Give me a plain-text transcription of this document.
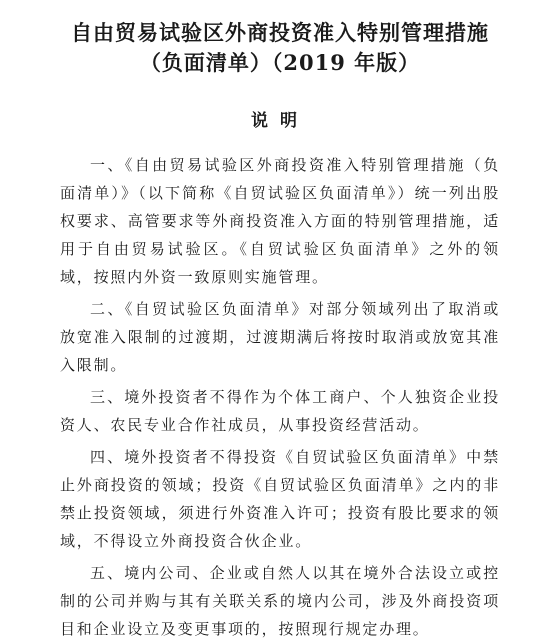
自由贸易试验区外商投资准入特别管理措施
（负面清单）（2019 年版）
说明

一、《自由贸易试验区外商投资准入特别管理措施（负面清单）》（以下简称《自贸试验区负面清单》）统一列出股权要求、高管要求等外商投资准入方面的特别管理措施，适用于自由贸易试验区。《自贸试验区负面清单》之外的领域，按照内外资一致原则实施管理。

二、《自贸试验区负面清单》对部分领域列出了取消或放宽准入限制的过渡期，过渡期满后将按时取消或放宽其准入限制。

三、境外投资者不得作为个体工商户、个人独资企业投资人、农民专业合作社成员，从事投资经营活动。

四、境外投资者不得投资《自贸试验区负面清单》中禁止外商投资的领域；投资《自贸试验区负面清单》之内的非禁止投资领域，须进行外资准入许可；投资有股比要求的领域，不得设立外商投资合伙企业。

五、境内公司、企业或自然人以其在境外合法设立或控制的公司并购与其有关联关系的境内公司，涉及外商投资项目和企业设立及变更事项的，按照现行规定办理。
